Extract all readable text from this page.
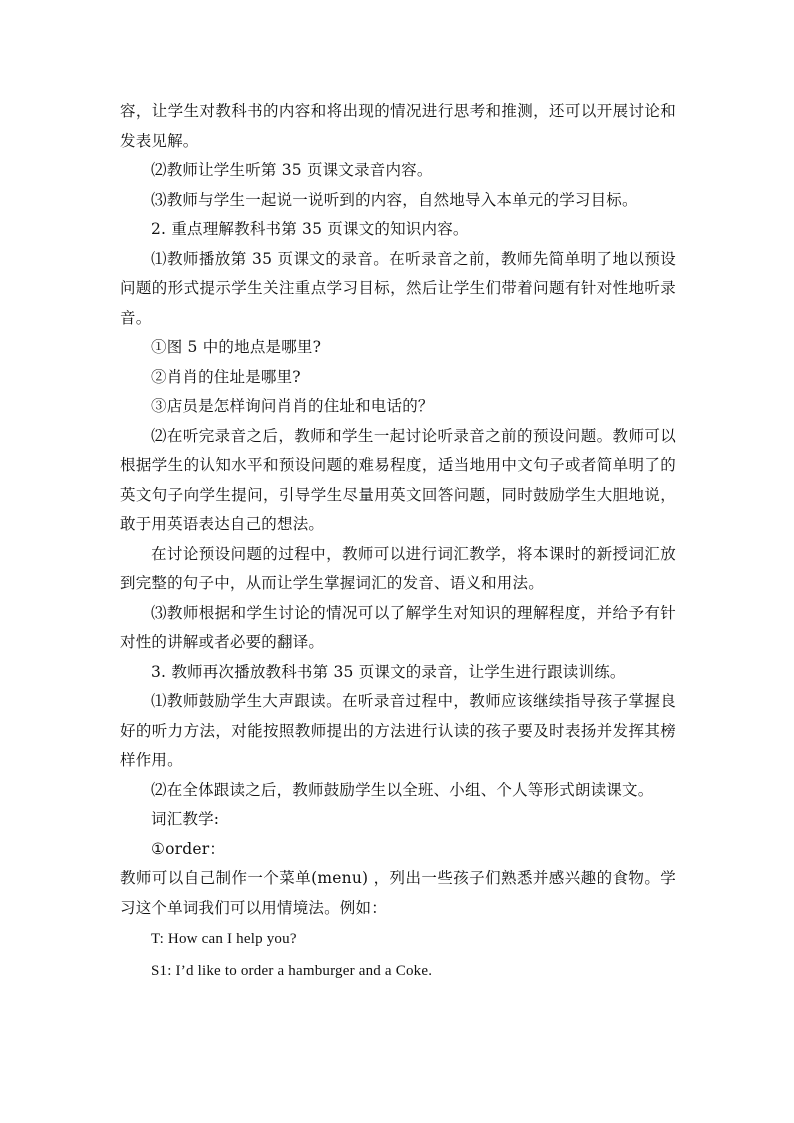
容，让学生对教科书的内容和将出现的情况进行思考和推测，还可以开展讨论和发表见解。

⑵教师让学生听第 35 页课文录音内容。

⑶教师与学生一起说一说听到的内容，自然地导入本单元的学习目标。

2. 重点理解教科书第 35 页课文的知识内容。

⑴教师播放第 35 页课文的录音。在听录音之前，教师先简单明了地以预设问题的形式提示学生关注重点学习目标，然后让学生们带着问题有针对性地听录音。

①图 5 中的地点是哪里?

②肖肖的住址是哪里?

③店员是怎样询问肖肖的住址和电话的？

⑵在听完录音之后，教师和学生一起讨论听录音之前的预设问题。教师可以根据学生的认知水平和预设问题的难易程度，适当地用中文句子或者简单明了的英文句子向学生提问，引导学生尽量用英文回答问题，同时鼓励学生大胆地说，敢于用英语表达自己的想法。

在讨论预设问题的过程中，教师可以进行词汇教学，将本课时的新授词汇放到完整的句子中，从而让学生掌握词汇的发音、语义和用法。

⑶教师根据和学生讨论的情况可以了解学生对知识的理解程度，并给予有针对性的讲解或者必要的翻译。

3. 教师再次播放教科书第 35 页课文的录音，让学生进行跟读训练。

⑴教师鼓励学生大声跟读。在听录音过程中，教师应该继续指导孩子掌握良好的听力方法，对能按照教师提出的方法进行认读的孩子要及时表扬并发挥其榜样作用。

⑵在全体跟读之后，教师鼓励学生以全班、小组、个人等形式朗读课文。

词汇教学:

①order：

教师可以自己制作一个菜单(menu) ，列出一些孩子们熟悉并感兴趣的食物。学习这个单词我们可以用情境法。例如：

T: How can I help you?

S1: I’d like to order a hamburger and a Coke.
